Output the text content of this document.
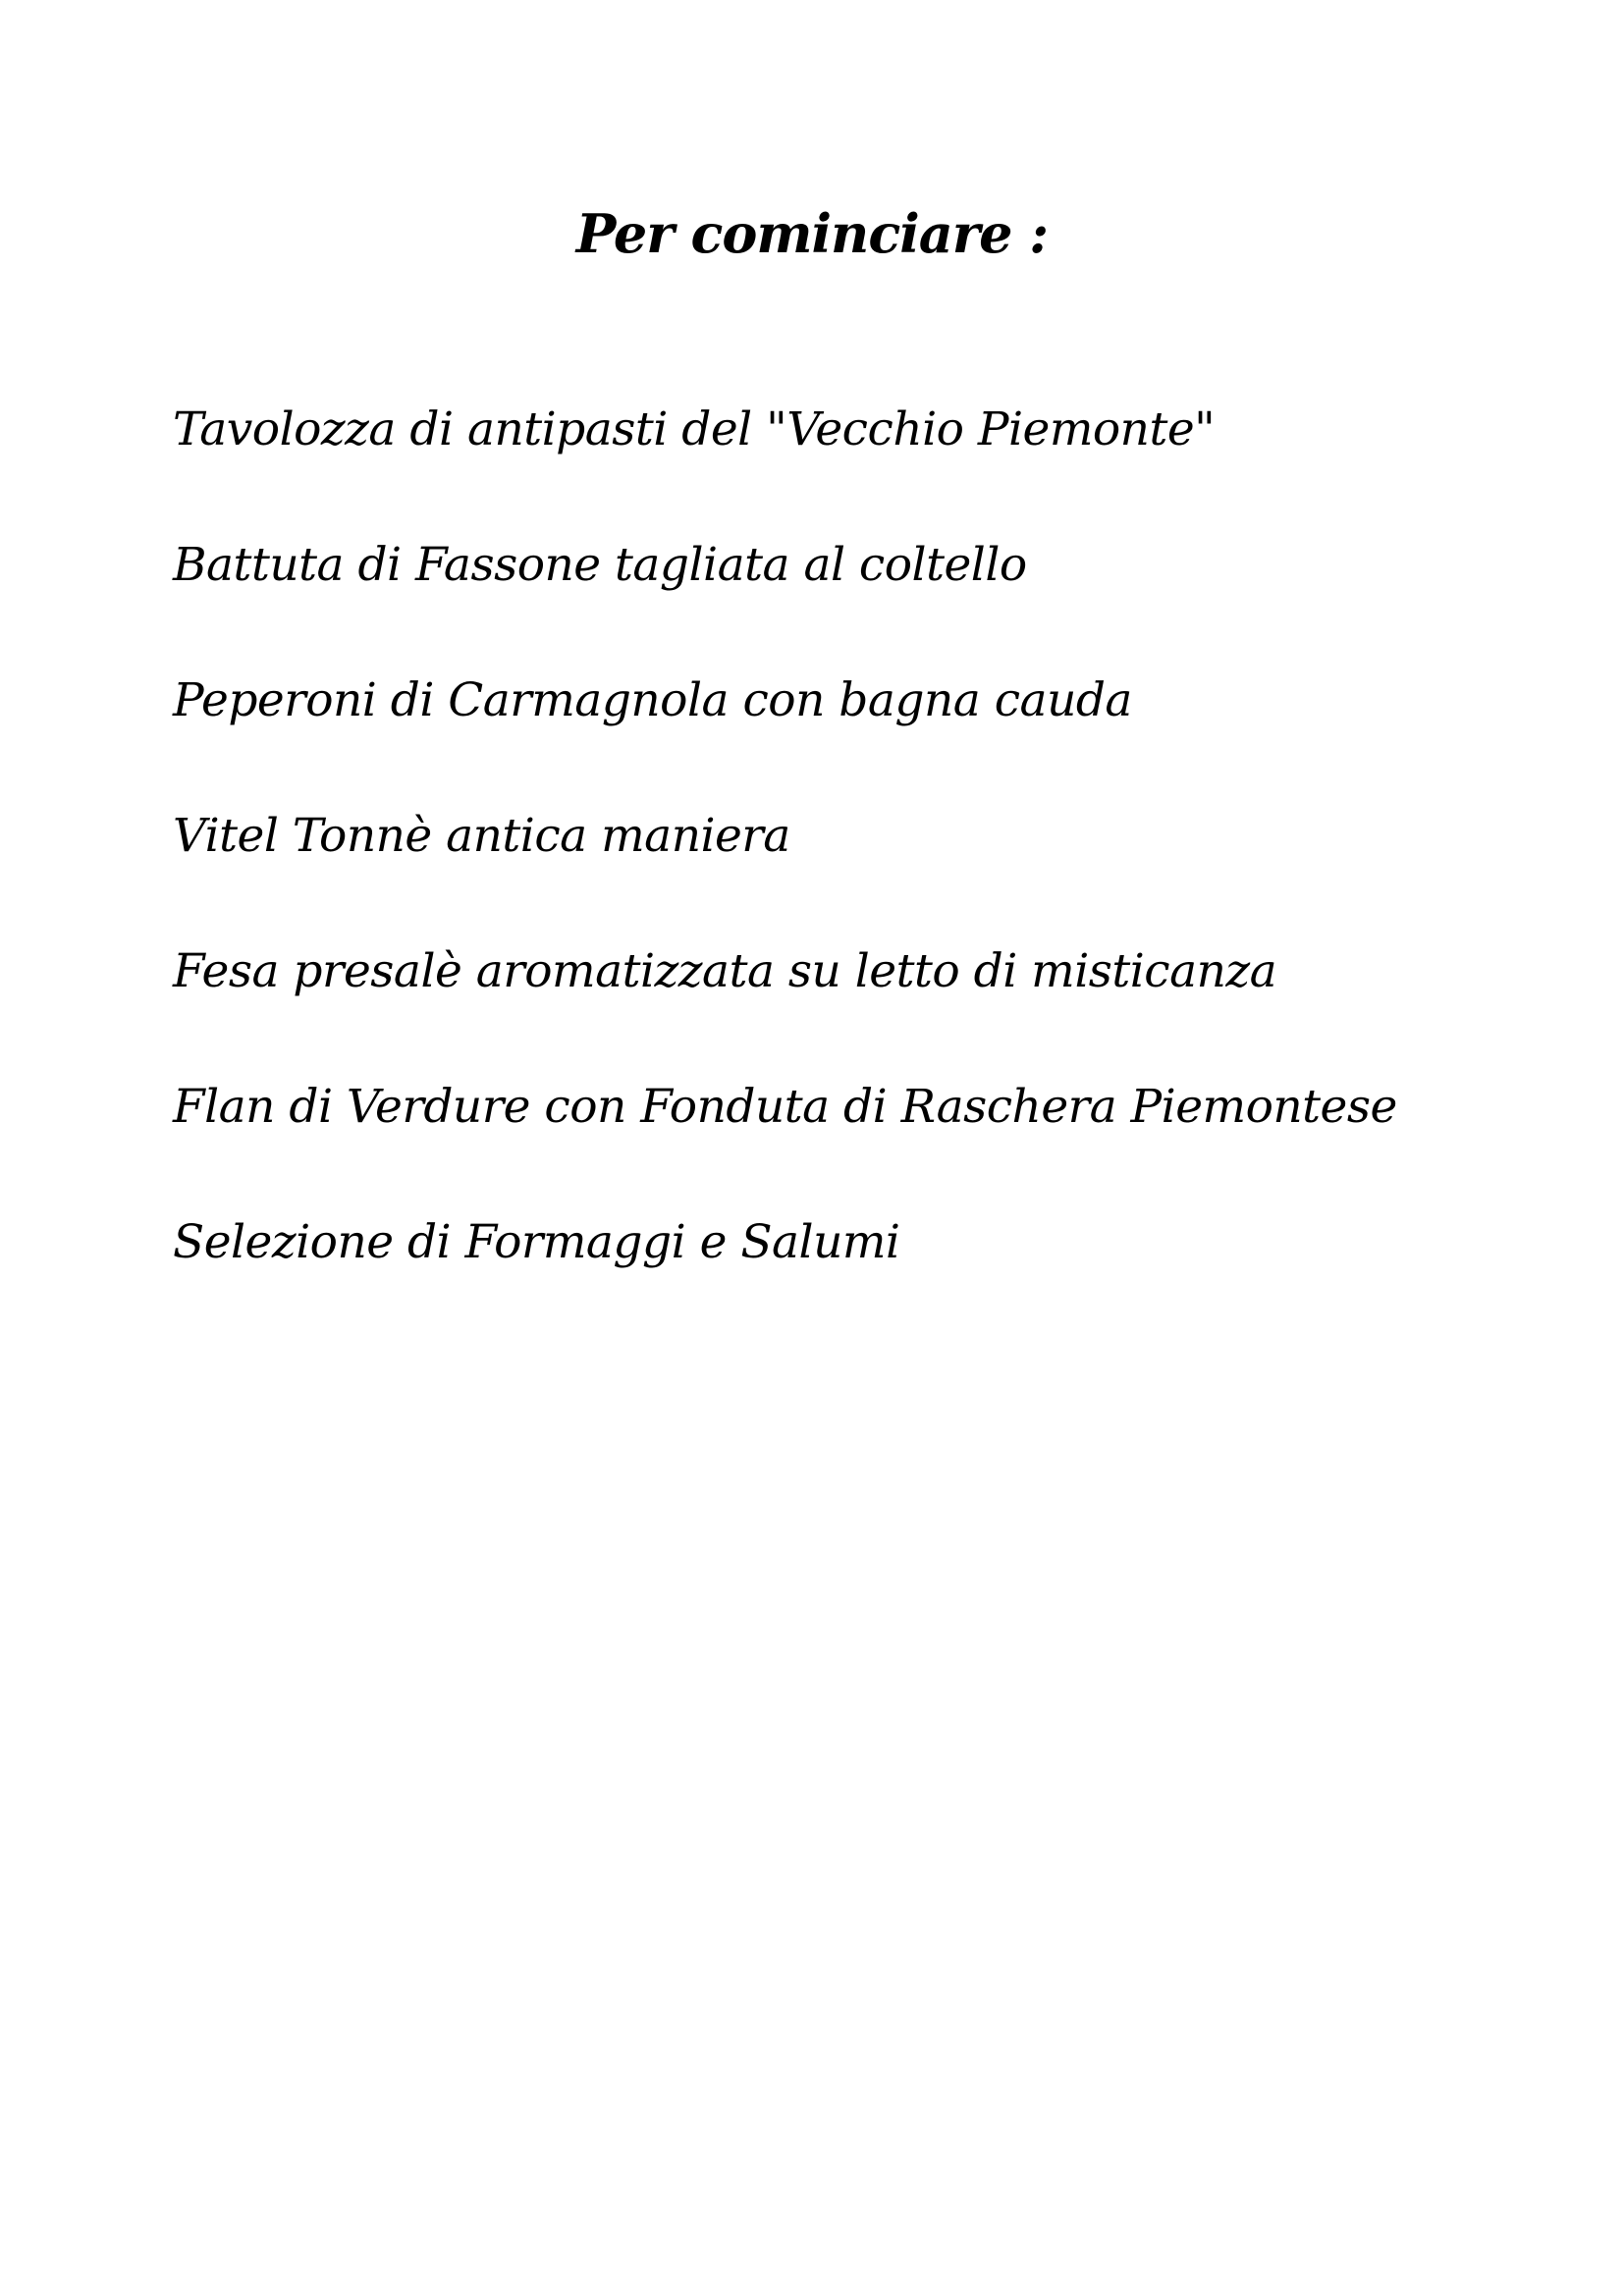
Per cominciare :
Tavolozza di antipasti del "Vecchio Piemonte"
Battuta di Fassone tagliata al coltello
Peperoni di Carmagnola con bagna cauda
Vitel Tonnè antica maniera
Fesa presalè aromatizzata su letto di misticanza
Flan di Verdure con Fonduta di Raschera Piemontese
Selezione di Formaggi e Salumi
